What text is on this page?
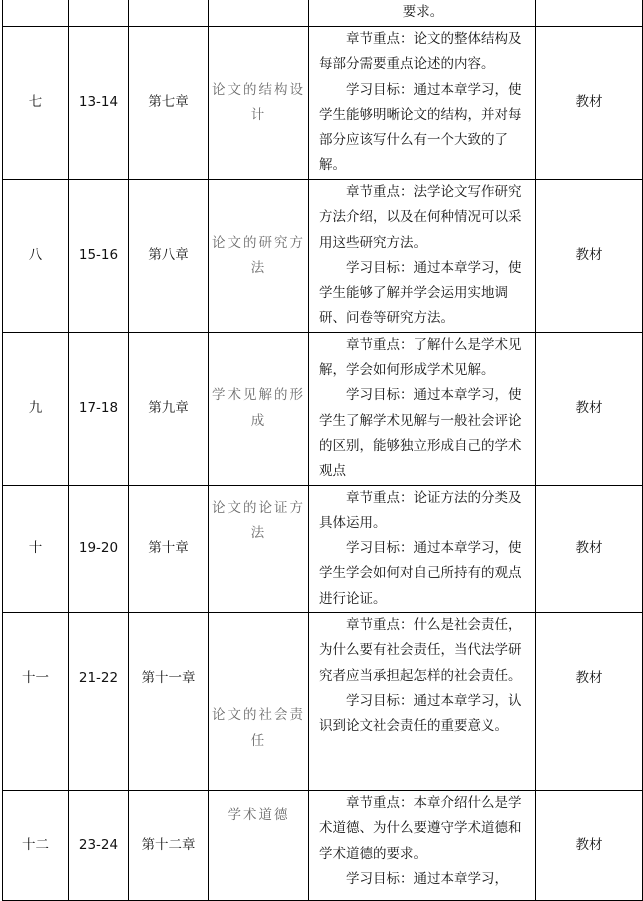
				要求。	

七	13-14	第七章	论文的结构设计	章节重点：论文的整体结构及每部分需要重点论述的内容。
学习目标：通过本章学习，使学生能够明晰论文的结构，并对每部分应该写什么有一个大致的了解。	教材
八	15-16	第八章	论文的研究方法	章节重点：法学论文写作研究方法介绍，以及在何种情况可以采用这些研究方法。
学习目标：通过本章学习，使学生能够了解并学会运用实地调研、问卷等研究方法。	教材
九	17-18	第九章	学术见解的形成	章节重点：了解什么是学术见解，学会如何形成学术见解。
学习目标：通过本章学习，使学生了解学术见解与一般社会评论的区别，能够独立形成自己的学术观点	教材
十	19-20	第十章	论文的论证方法	章节重点：论证方法的分类及具体运用。
学习目标：通过本章学习，使学生学会如何对自己所持有的观点进行论证。	教材
十一	21-22	第十一章	论文的社会责任	章节重点：什么是社会责任，为什么要有社会责任，当代法学研究者应当承担起怎样的社会责任。
学习目标：通过本章学习，认识到论文社会责任的重要意义。	教材
十二	23-24	第十二章	学术道德	章节重点：本章介绍什么是学术道德、为什么要遵守学术道德和学术道德的要求。
学习目标：通过本章学习，	教材
